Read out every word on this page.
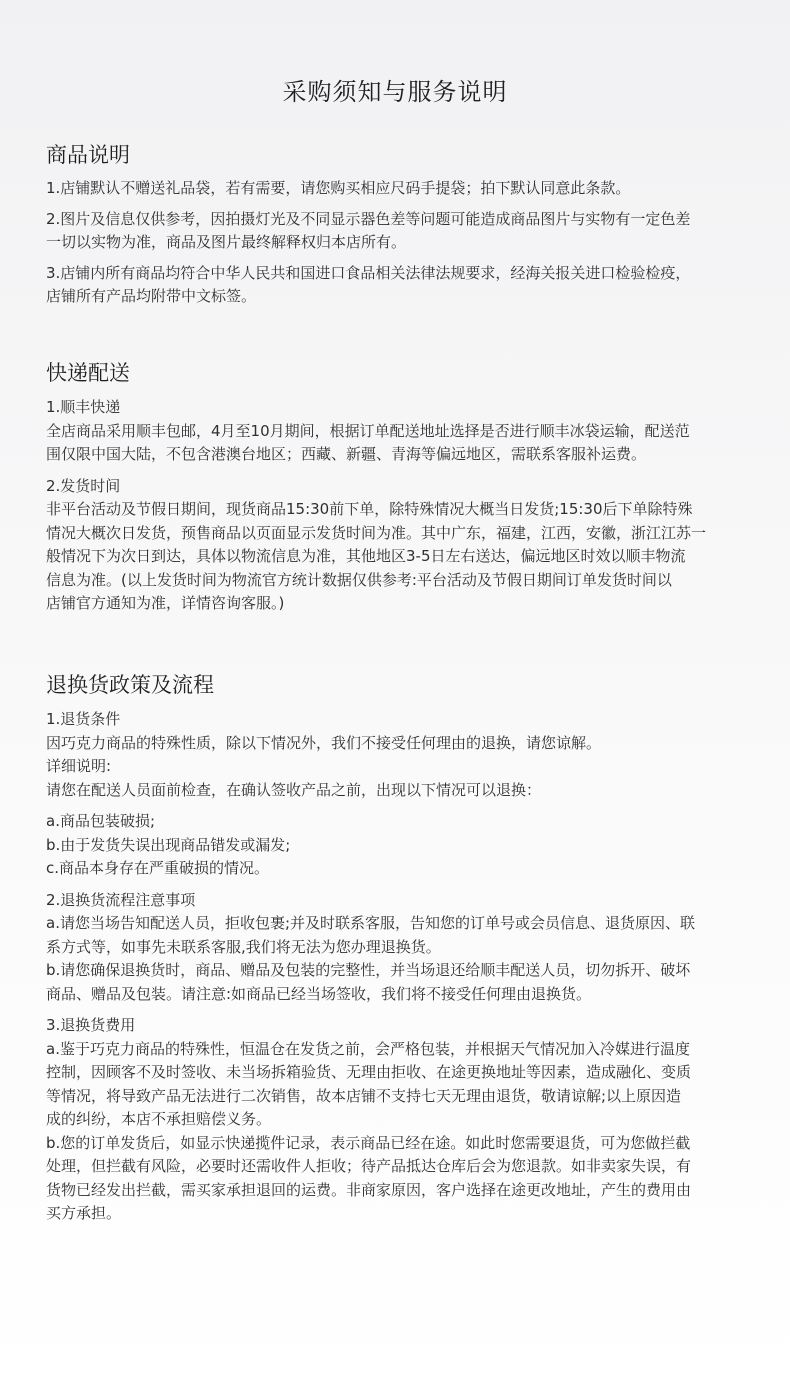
采购须知与服务说明
商品说明
1.店铺默认不赠送礼品袋，若有需要，请您购买相应尺码手提袋；拍下默认同意此条款。
2.图片及信息仅供参考，因拍摄灯光及不同显示器色差等问题可能造成商品图片与实物有一定色差
一切以实物为准，商品及图片最终解释权归本店所有。
3.店铺内所有商品均符合中华人民共和国进口食品相关法律法规要求，经海关报关进口检验检疫，
店铺所有产品均附带中文标签。
快递配送
1.顺丰快递
全店商品采用顺丰包邮，4月至10月期间，根据订单配送地址选择是否进行顺丰冰袋运输，配送范
围仅限中国大陆，不包含港澳台地区；西藏、新疆、青海等偏远地区，需联系客服补运费。
2.发货时间
非平台活动及节假日期间，现货商品15:30前下单，除特殊情况大概当日发货;15:30后下单除特殊
情况大概次日发货，预售商品以页面显示发货时间为准。其中广东，福建，江西，安徽，浙江江苏一
般情况下为次日到达，具体以物流信息为准，其他地区3-5日左右送达，偏远地区时效以顺丰物流
信息为准。(以上发货时间为物流官方统计数据仅供参考:平台活动及节假日期间订单发货时间以
店铺官方通知为准，详情咨询客服。)
退换货政策及流程
1.退货条件
因巧克力商品的特殊性质，除以下情况外，我们不接受任何理由的退换，请您谅解。
详细说明:
请您在配送人员面前检查，在确认签收产品之前，出现以下情况可以退换：
a.商品包装破损;
b.由于发货失误出现商品错发或漏发;
c.商品本身存在严重破损的情况。
2.退换货流程注意事项
a.请您当场告知配送人员，拒收包裹;并及时联系客服，告知您的订单号或会员信息、退货原因、联
系方式等，如事先未联系客服,我们将无法为您办理退换货。
b.请您确保退换货时，商品、赠品及包装的完整性，并当场退还给顺丰配送人员，切勿拆开、破坏
商品、赠品及包装。请注意:如商品已经当场签收，我们将不接受任何理由退换货。
3.退换货费用
a.鉴于巧克力商品的特殊性，恒温仓在发货之前，会严格包装，并根据天气情况加入冷媒进行温度
控制，因顾客不及时签收、未当场拆箱验货、无理由拒收、在途更换地址等因素，造成融化、变质
等情况，将导致产品无法进行二次销售，故本店铺不支持七天无理由退货，敬请谅解;以上原因造
成的纠纷，本店不承担赔偿义务。
b.您的订单发货后，如显示快递揽件记录，表示商品已经在途。如此时您需要退货，可为您做拦截
处理，但拦截有风险，必要时还需收件人拒收；待产品抵达仓库后会为您退款。如非卖家失误，有
货物已经发出拦截，需买家承担退回的运费。非商家原因，客户选择在途更改地址，产生的费用由
买方承担。
